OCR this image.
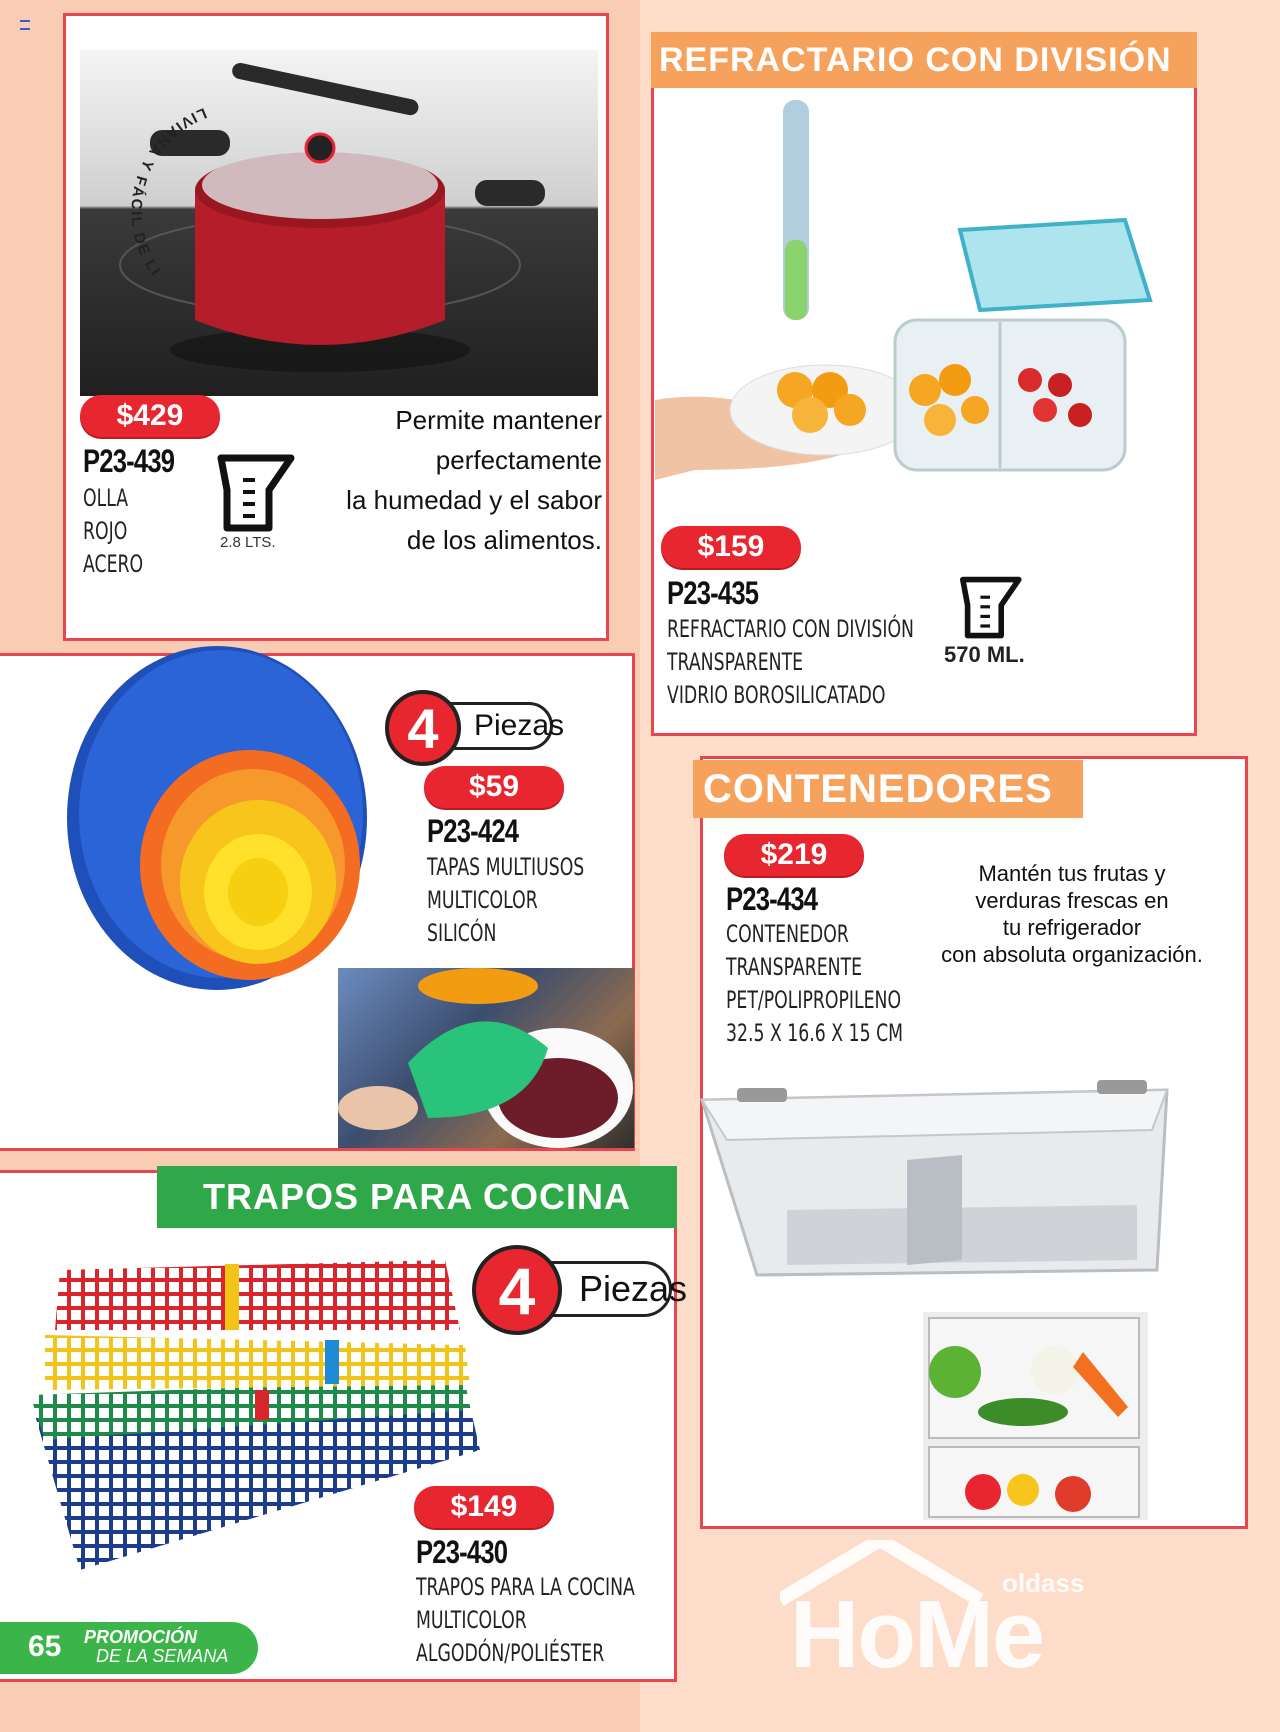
LIVIANA Y FÁCIL DE LI
$429
P23-439
OLLA
ROJO
ACERO
2.8 LTS.
Permite mantener
perfectamente
la humedad y el sabor
de los alimentos.
REFRACTARIO CON DIVISIÓN
$159
P23-435
REFRACTARIO CON DIVISIÓN
TRANSPARENTE
VIDRIO BOROSILICATADO
570 ML.
Piezas
4
$59
P23-424
TAPAS MULTIUSOS
MULTICOLOR
SILICÓN
CONTENEDORES
$219
P23-434
CONTENEDOR
TRANSPARENTE
PET/POLIPROPILENO
32.5 X 16.6 X 15 CM
Mantén tus frutas y
verduras frescas en
tu refrigerador
con absoluta organización.
TRAPOS PARA COCINA
Piezas
4
$149
P23-430
TRAPOS PARA LA COCINA
MULTICOLOR
ALGODÓN/POLIÉSTER
65 PROMOCIÓN
DE LA SEMANA
oldass
HoMe
